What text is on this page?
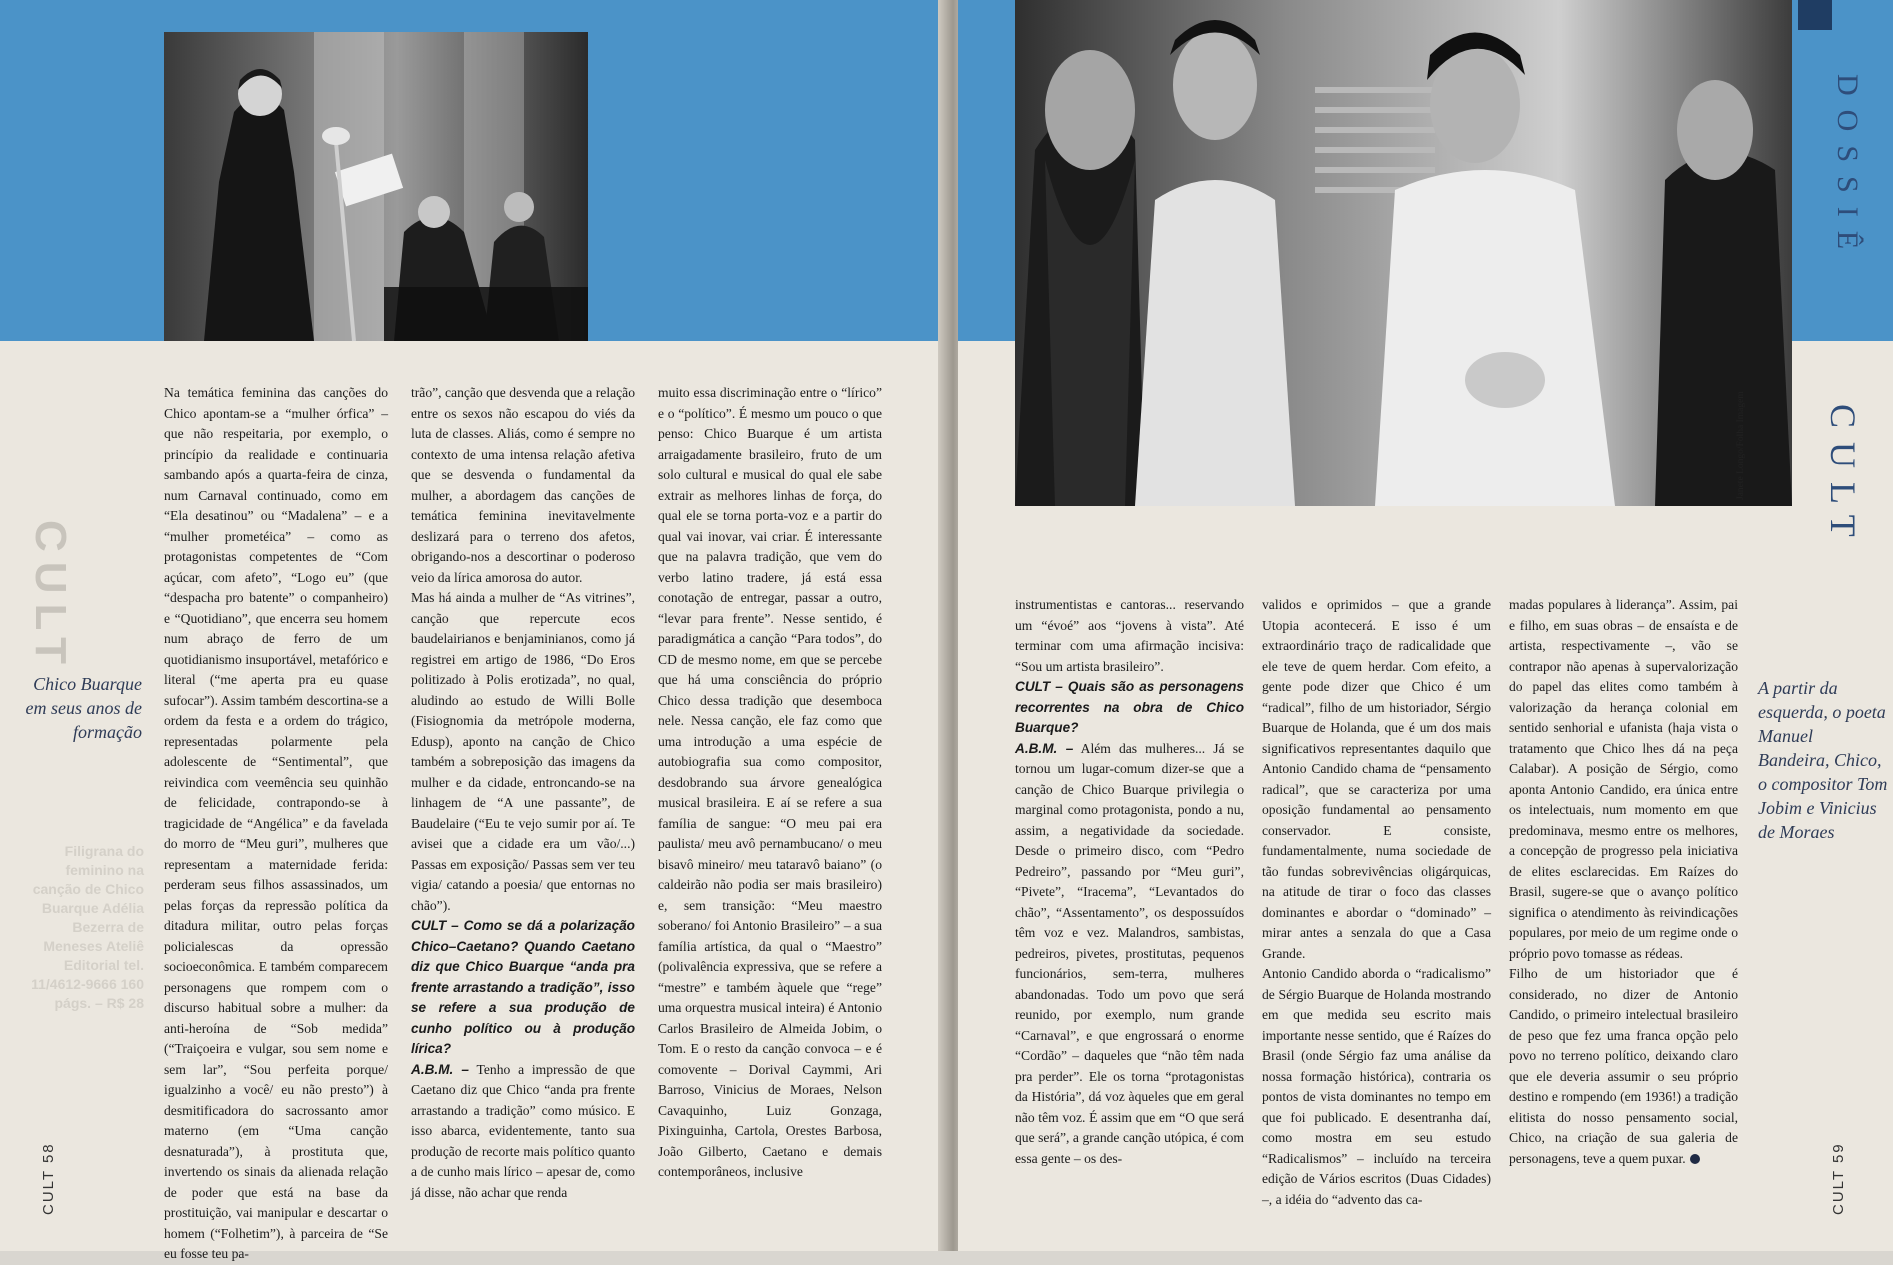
CULT
Chico Buarque em seus anos de formação
Filigrana do feminino na canção de Chico Buarque Adélia Bezerra de Meneses Ateliê Editorial tel. 11/4612-9666 160 págs. – R$ 28
CULT 58

Na temática feminina das canções do Chico apontam-se a “mulher órfica” – que não respeitaria, por exemplo, o princípio da realidade e continuaria sambando após a quarta-feira de cinza, num Carnaval continuado, como em “Ela desatinou” ou “Madalena” – e a “mulher prometéica” – como as protagonistas competentes de “Com açúcar, com afeto”, “Logo eu” (que “despacha pro batente” o companheiro) e “Quotidiano”, que encerra seu homem num abraço de ferro de um quotidianismo insuportável, metafórico e literal (“me aperta pra eu quase sufocar”). Assim também descortina-se a ordem da festa e a ordem do trágico, representadas polarmente pela adolescente de “Sentimental”, que reivindica com veemência seu quinhão de felicidade, contrapondo-se à tragicidade de “Angélica” e da favelada do morro de “Meu guri”, mulheres que representam a maternidade ferida: perderam seus filhos assassinados, um pelas forças da repressão política da ditadura militar, outro pelas forças policialescas da opressão socioeconômica. E também comparecem personagens que rompem com o discurso habitual sobre a mulher: da anti-heroína de “Sob medida” (“Traiçoeira e vulgar, sou sem nome e sem lar”, “Sou perfeita porque/ igualzinho a você/ eu não presto”) à desmitificadora do sacrossanto amor materno (em “Uma canção desnaturada”), à prostituta que, invertendo os sinais da alienada relação de poder que está na base da prostituição, vai manipular e descartar o homem (“Folhetim”), à parceira de “Se eu fosse teu pa-

trão”, canção que desvenda que a relação entre os sexos não escapou do viés da luta de classes. Aliás, como é sempre no contexto de uma intensa relação afetiva que se desvenda o fundamental da mulher, a abordagem das canções de temática feminina inevitavelmente deslizará para o terreno dos afetos, obrigando-nos a descortinar o poderoso veio da lírica amorosa do autor.

Mas há ainda a mulher de “As vitrines”, canção que repercute ecos baudelairianos e benjaminianos, como já registrei em artigo de 1986, “Do Eros politizado à Polis erotizada”, no qual, aludindo ao estudo de Willi Bolle (Fisiognomia da metrópole moderna, Edusp), aponto na canção de Chico também a sobreposição das imagens da mulher e da cidade, entroncando-se na linhagem de “A une passante”, de Baudelaire (“Eu te vejo sumir por aí. Te avisei que a cidade era um vão/...) Passas em exposição/ Passas sem ver teu vigia/ catando a poesia/ que entornas no chão”).

CULT – Como se dá a polarização Chico–Caetano? Quando Caetano diz que Chico Buarque “anda pra frente arrastando a tradição”, isso se refere a sua produção de cunho político ou à produção lírica?

A.B.M. – Tenho a impressão de que Caetano diz que Chico “anda pra frente arrastando a tradição” como músico. E isso abarca, evidentemente, tanto sua produção de recorte mais político quanto a de cunho mais lírico – apesar de, como já disse, não achar que renda

muito essa discriminação entre o “lírico” e o “político”. É mesmo um pouco o que penso: Chico Buarque é um artista arraigadamente brasileiro, fruto de um solo cultural e musical do qual ele sabe extrair as melhores linhas de força, do qual ele se torna porta-voz e a partir do qual vai inovar, vai criar. É interessante que na palavra tradição, que vem do verbo latino tradere, já está essa conotação de entregar, passar a outro, “levar para frente”. Nesse sentido, é paradigmática a canção “Para todos”, do CD de mesmo nome, em que se percebe que há uma consciência do próprio Chico dessa tradição que desemboca nele. Nessa canção, ele faz como que uma introdução a uma espécie de autobiografia sua como compositor, desdobrando sua árvore genealógica musical brasileira. E aí se refere a sua família de sangue: “O meu pai era paulista/ meu avô pernambucano/ o meu bisavô mineiro/ meu tataravô baiano” (o caldeirão não podia ser mais brasileiro) e, sem transição: “Meu maestro soberano/ foi Antonio Brasileiro” – a sua família artística, da qual o “Maestro” (polivalência expressiva, que se refere a “mestre” e também àquele que “rege” uma orquestra musical inteira) é Antonio Carlos Brasileiro de Almeida Jobim, o Tom. E o resto da canção convoca – e é comovente – Dorival Caymmi, Ari Barroso, Vinicius de Moraes, Nelson Cavaquinho, Luiz Gonzaga, Pixinguinha, Cartola, Orestes Barbosa, João Gilberto, Caetano e demais contemporâneos, inclusive

Janete Longo/Folha Imagem
DOSSIÊ
CULT
A partir da esquerda, o poeta Manuel Bandeira, Chico, o compositor Tom Jobim e Vinicius de Moraes
CULT 59

instrumentistas e cantoras... reservando um “évoé” aos “jovens à vista”. Até terminar com uma afirmação incisiva: “Sou um artista brasileiro”.

CULT – Quais são as personagens recorrentes na obra de Chico Buarque?

A.B.M. – Além das mulheres... Já se tornou um lugar-comum dizer-se que a canção de Chico Buarque privilegia o marginal como protagonista, pondo a nu, assim, a negatividade da sociedade. Desde o primeiro disco, com “Pedro Pedreiro”, passando por “Meu guri”, “Pivete”, “Iracema”, “Levantados do chão”, “Assentamento”, os despossuídos têm voz e vez. Malandros, sambistas, pedreiros, pivetes, prostitutas, pequenos funcionários, sem-terra, mulheres abandonadas. Todo um povo que será reunido, por exemplo, num grande “Carnaval”, e que engrossará o enorme “Cordão” – daqueles que “não têm nada pra perder”. Ele os torna “protagonistas da História”, dá voz àqueles que em geral não têm voz. É assim que em “O que será que será”, a grande canção utópica, é com essa gente – os des-

validos e oprimidos – que a grande Utopia acontecerá. E isso é um extraordinário traço de radicalidade que ele teve de quem herdar. Com efeito, a gente pode dizer que Chico é um “radical”, filho de um historiador, Sérgio Buarque de Holanda, que é um dos mais significativos representantes daquilo que Antonio Candido chama de “pensamento radical”, que se caracteriza por uma oposição fundamental ao pensamento conservador. E consiste, fundamentalmente, numa sociedade de tão fundas sobrevivências oligárquicas, na atitude de tirar o foco das classes dominantes e abordar o “dominado” – mirar antes a senzala do que a Casa Grande.

Antonio Candido aborda o “radicalismo” de Sérgio Buarque de Holanda mostrando em que medida seu escrito mais importante nesse sentido, que é Raízes do Brasil (onde Sérgio faz uma análise da nossa formação histórica), contraria os pontos de vista dominantes no tempo em que foi publicado. E desentranha daí, como mostra em seu estudo “Radicalismos” – incluído na terceira edição de Vários escritos (Duas Cidades) –, a idéia do “advento das ca-

madas populares à liderança”. Assim, pai e filho, em suas obras – de ensaísta e de artista, respectivamente –, vão se contrapor não apenas à supervalorização do papel das elites como também à valorização da herança colonial em sentido senhorial e ufanista (haja vista o tratamento que Chico lhes dá na peça Calabar). A posição de Sérgio, como aponta Antonio Candido, era única entre os intelectuais, num momento em que predominava, mesmo entre os melhores, a concepção de progresso pela iniciativa de elites esclarecidas. Em Raízes do Brasil, sugere-se que o avanço político significa o atendimento às reivindicações populares, por meio de um regime onde o próprio povo tomasse as rédeas.

Filho de um historiador que é considerado, no dizer de Antonio Candido, o primeiro intelectual brasileiro de peso que fez uma franca opção pelo povo no terreno político, deixando claro que ele deveria assumir o seu próprio destino e rompendo (em 1936!) a tradição elitista do nosso pensamento social, Chico, na criação de sua galeria de personagens, teve a quem puxar.
